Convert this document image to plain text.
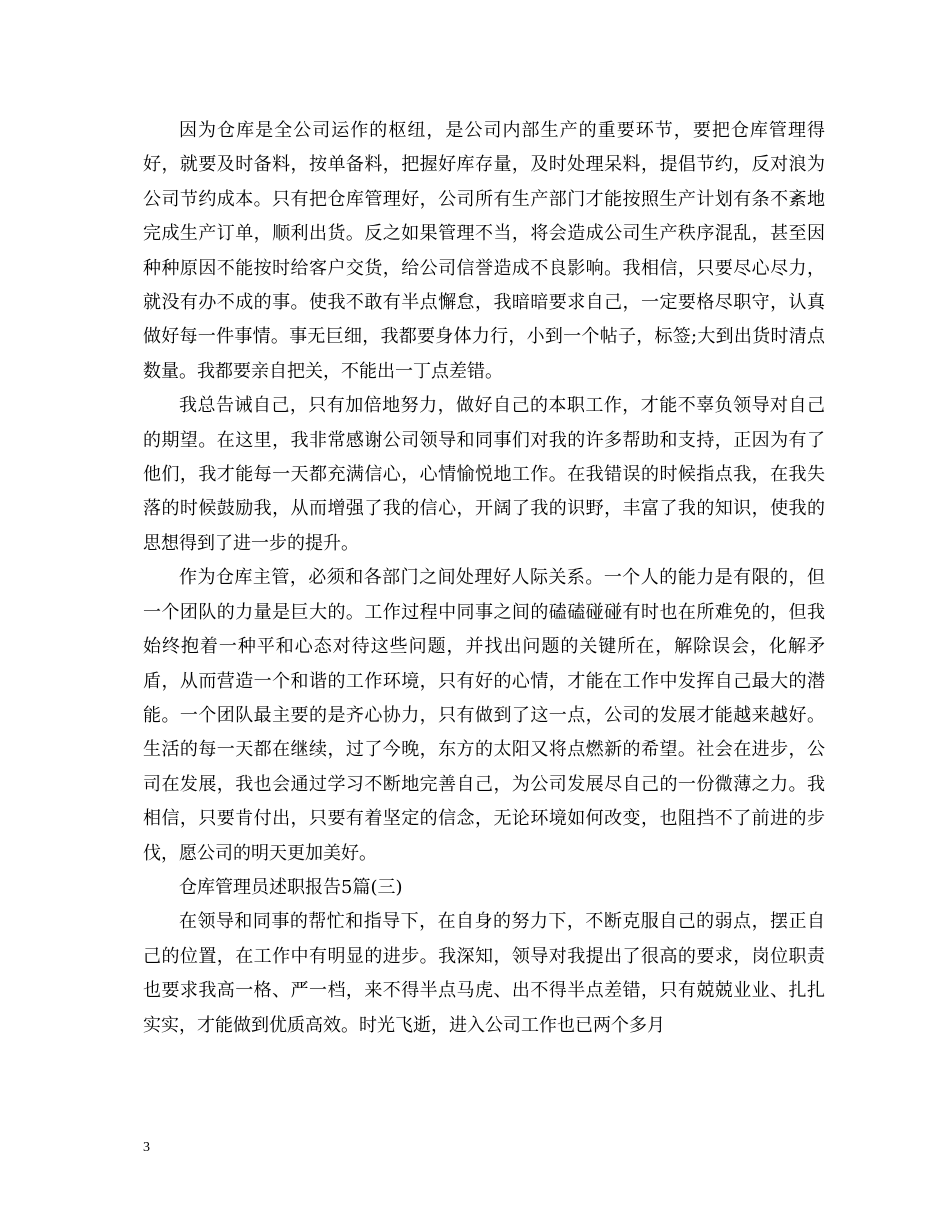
因为仓库是全公司运作的枢纽，是公司内部生产的重要环节，要把仓库管理得好，就要及时备料，按单备料，把握好库存量，及时处理呆料，提倡节约，反对浪为公司节约成本。只有把仓库管理好，公司所有生产部门才能按照生产计划有条不紊地完成生产订单，顺利出货。反之如果管理不当，将会造成公司生产秩序混乱，甚至因种种原因不能按时给客户交货，给公司信誉造成不良影响。我相信，只要尽心尽力，就没有办不成的事。使我不敢有半点懈怠，我暗暗要求自己，一定要格尽职守，认真做好每一件事情。事无巨细，我都要身体力行，小到一个帖子，标签;大到出货时清点数量。我都要亲自把关，不能出一丁点差错。

我总告诫自己，只有加倍地努力，做好自己的本职工作，才能不辜负领导对自己的期望。在这里，我非常感谢公司领导和同事们对我的许多帮助和支持，正因为有了他们，我才能每一天都充满信心，心情愉悦地工作。在我错误的时候指点我，在我失落的时候鼓励我，从而增强了我的信心，开阔了我的识野，丰富了我的知识，使我的思想得到了进一步的提升。

作为仓库主管，必须和各部门之间处理好人际关系。一个人的能力是有限的，但一个团队的力量是巨大的。工作过程中同事之间的磕磕碰碰有时也在所难免的，但我始终抱着一种平和心态对待这些问题，并找出问题的关键所在，解除误会，化解矛盾，从而营造一个和谐的工作环境，只有好的心情，才能在工作中发挥自己最大的潜能。一个团队最主要的是齐心协力，只有做到了这一点，公司的发展才能越来越好。生活的每一天都在继续，过了今晚，东方的太阳又将点燃新的希望。社会在进步，公司在发展，我也会通过学习不断地完善自己，为公司发展尽自己的一份微薄之力。我相信，只要肯付出，只要有着坚定的信念，无论环境如何改变，也阻挡不了前进的步伐，愿公司的明天更加美好。

仓库管理员述职报告5篇(三)

在领导和同事的帮忙和指导下，在自身的努力下，不断克服自己的弱点，摆正自己的位置，在工作中有明显的进步。我深知，领导对我提出了很高的要求，岗位职责也要求我高一格、严一档，来不得半点马虎、出不得半点差错，只有兢兢业业、扎扎实实，才能做到优质高效。时光飞逝，进入公司工作也已两个多月

3
